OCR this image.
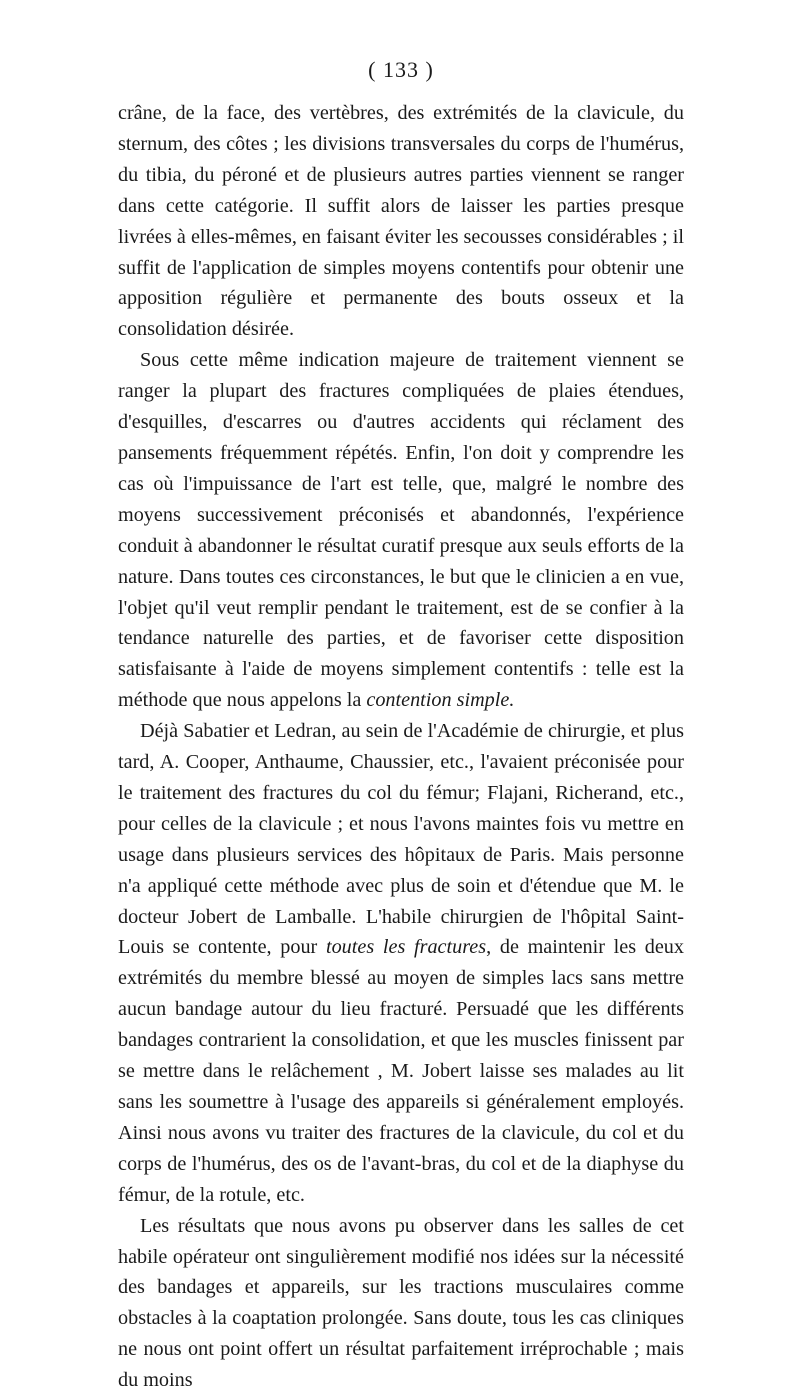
( 133 )

crâne, de la face, des vertèbres, des extrémités de la clavicule, du sternum, des côtes ; les divisions transversales du corps de l'humérus, du tibia, du péroné et de plusieurs autres parties viennent se ranger dans cette catégorie. Il suffit alors de laisser les parties presque livrées à elles-mêmes, en faisant éviter les secousses considérables ; il suffit de l'application de simples moyens contentifs pour obtenir une apposition régulière et permanente des bouts osseux et la consolidation désirée.

Sous cette même indication majeure de traitement viennent se ranger la plupart des fractures compliquées de plaies étendues, d'esquilles, d'escarres ou d'autres accidents qui réclament des pansements fréquemment répétés. Enfin, l'on doit y comprendre les cas où l'impuissance de l'art est telle, que, malgré le nombre des moyens successivement préconisés et abandonnés, l'expérience conduit à abandonner le résultat curatif presque aux seuls efforts de la nature. Dans toutes ces circonstances, le but que le clinicien a en vue, l'objet qu'il veut remplir pendant le traitement, est de se confier à la tendance naturelle des parties, et de favoriser cette disposition satisfaisante à l'aide de moyens simplement contentifs : telle est la méthode que nous appelons la contention simple.

Déjà Sabatier et Ledran, au sein de l'Académie de chirurgie, et plus tard, A. Cooper, Anthaume, Chaussier, etc., l'avaient préconisée pour le traitement des fractures du col du fémur; Flajani, Richerand, etc., pour celles de la clavicule ; et nous l'avons maintes fois vu mettre en usage dans plusieurs services des hôpitaux de Paris. Mais personne n'a appliqué cette méthode avec plus de soin et d'étendue que M. le docteur Jobert de Lamballe. L'habile chirurgien de l'hôpital Saint-Louis se contente, pour toutes les fractures, de maintenir les deux extrémités du membre blessé au moyen de simples lacs sans mettre aucun bandage autour du lieu fracturé. Persuadé que les différents bandages contrarient la consolidation, et que les muscles finissent par se mettre dans le relâchement , M. Jobert laisse ses malades au lit sans les soumettre à l'usage des appareils si généralement employés. Ainsi nous avons vu traiter des fractures de la clavicule, du col et du corps de l'humérus, des os de l'avant-bras, du col et de la diaphyse du fémur, de la rotule, etc.

Les résultats que nous avons pu observer dans les salles de cet habile opérateur ont singulièrement modifié nos idées sur la nécessité des bandages et appareils, sur les tractions musculaires comme obstacles à la coaptation prolongée. Sans doute, tous les cas cliniques ne nous ont point offert un résultat parfaitement irréprochable ; mais du moins
